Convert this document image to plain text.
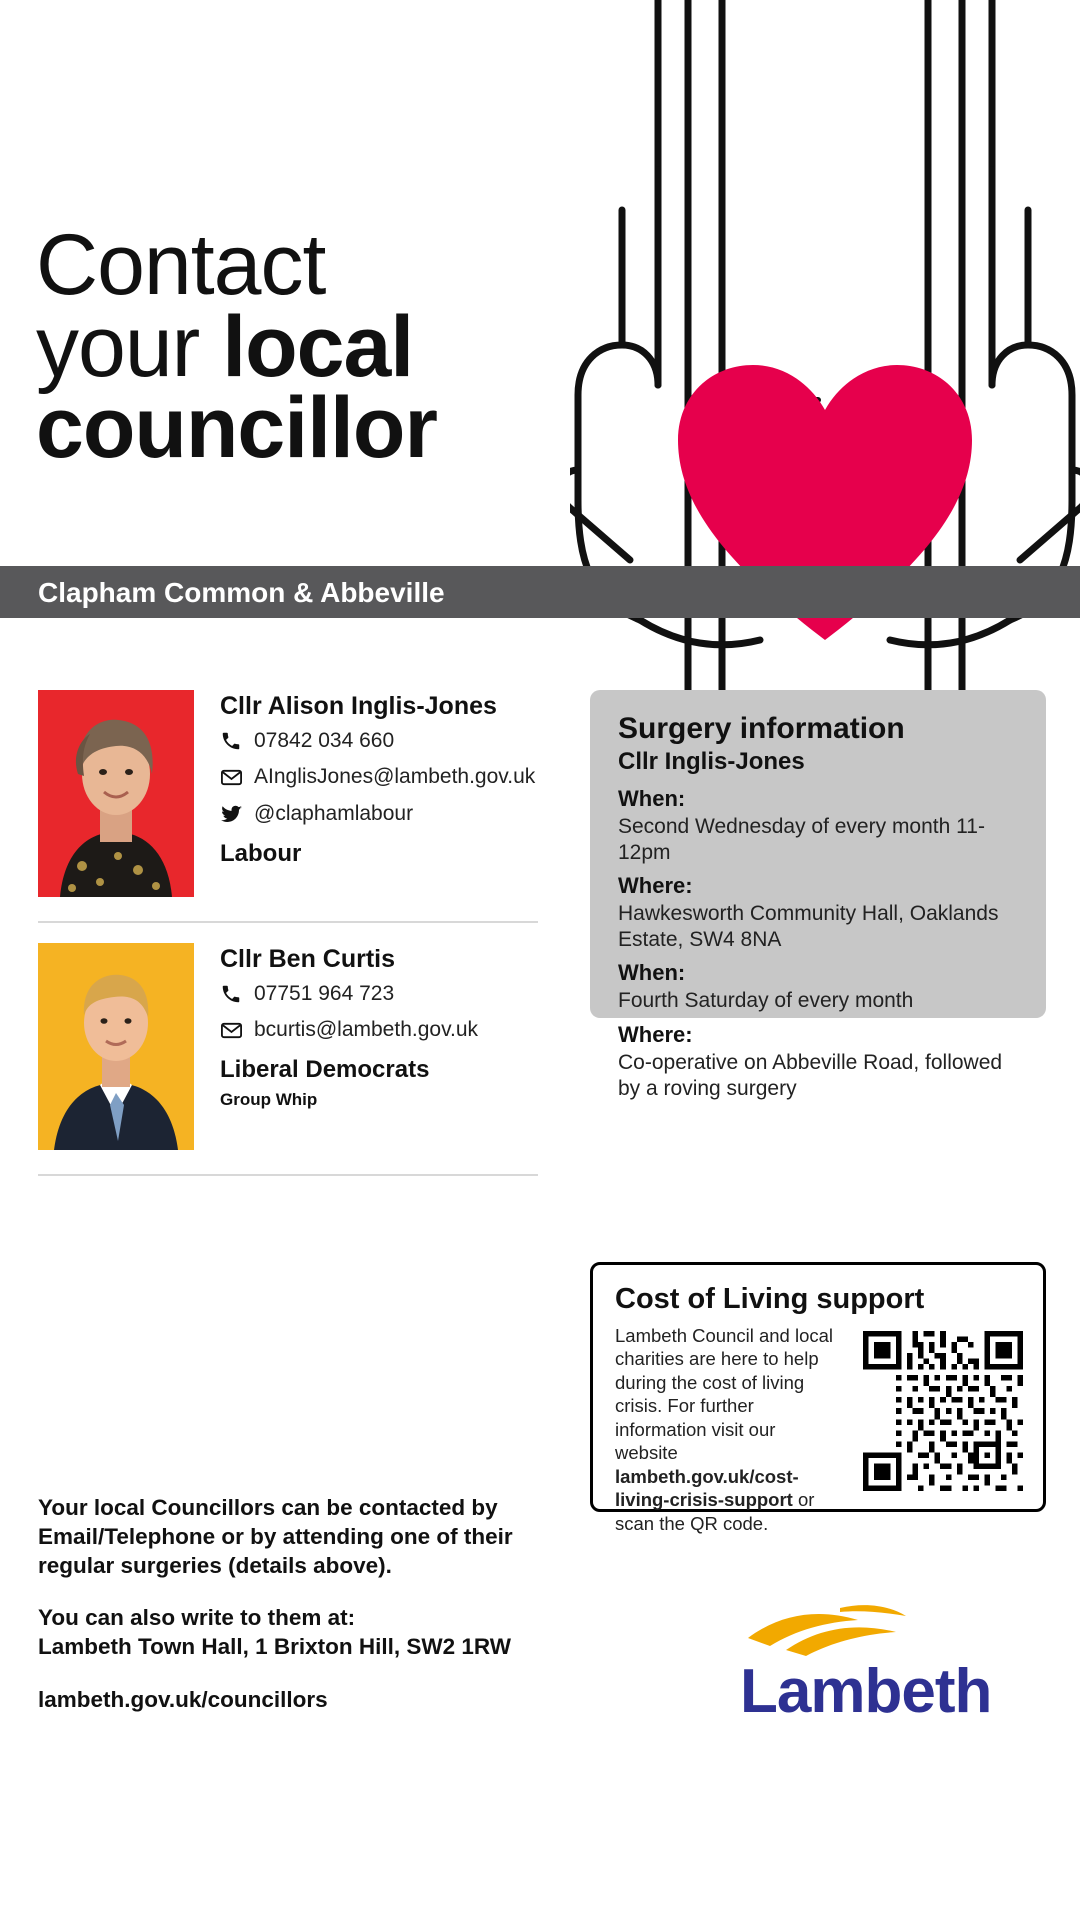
Contact
your local
councillor
Clapham Common & Abbeville
Cllr Alison Inglis-Jones
07842 034 660
AInglisJones@lambeth.gov.uk
@claphamlabour
Labour
Cllr Ben Curtis
07751 964 723
bcurtis@lambeth.gov.uk
Liberal Democrats
Group Whip
Surgery information
Cllr Inglis-Jones
When:
Second Wednesday of every month 11-12pm
Where:
Hawkesworth Community Hall, Oaklands Estate, SW4 8NA
When:
Fourth Saturday of every month
Where:
Co-operative on Abbeville Road, followed by a roving surgery
Cost of Living support
Lambeth Council and local charities are here to help during the cost of living crisis. For further information visit our website lambeth.gov.uk/cost-living-crisis-support or scan the QR code.

Your local Councillors can be contacted by Email/Telephone or by attending one of their regular surgeries (details above).

You can also write to them at:
Lambeth Town Hall, 1 Brixton Hill, SW2 1RW

lambeth.gov.uk/councillors	Lambeth
